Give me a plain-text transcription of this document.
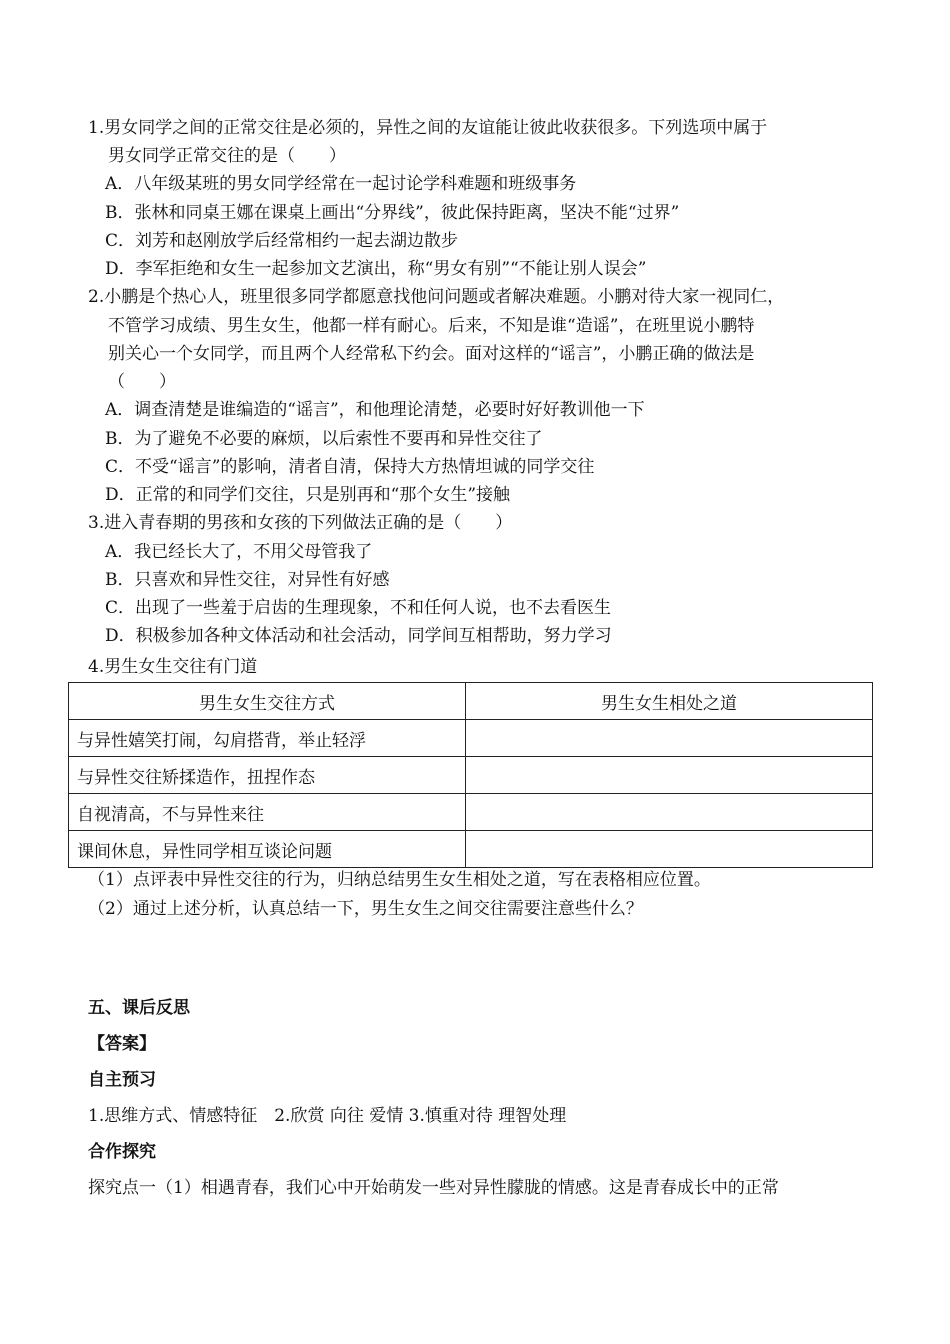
1.男女同学之间的正常交往是必须的，异性之间的友谊能让彼此收获很多。下列选项中属于
男女同学正常交往的是（　　）
A．八年级某班的男女同学经常在一起讨论学科难题和班级事务
B．张林和同桌王娜在课桌上画出“分界线”，彼此保持距离，坚决不能“过界”
C．刘芳和赵刚放学后经常相约一起去湖边散步
D．李军拒绝和女生一起参加文艺演出，称“男女有别”“不能让别人误会”
2.小鹏是个热心人，班里很多同学都愿意找他问问题或者解决难题。小鹏对待大家一视同仁，
不管学习成绩、男生女生，他都一样有耐心。后来，不知是谁“造谣”，在班里说小鹏特
别关心一个女同学，而且两个人经常私下约会。面对这样的“谣言”，小鹏正确的做法是
（　　）
A．调查清楚是谁编造的“谣言”，和他理论清楚，必要时好好教训他一下
B．为了避免不必要的麻烦，以后索性不要再和异性交往了
C．不受“谣言”的影响，清者自清，保持大方热情坦诚的同学交往
D．正常的和同学们交往，只是别再和“那个女生”接触
3.进入青春期的男孩和女孩的下列做法正确的是（　　）
A．我已经长大了，不用父母管我了
B．只喜欢和异性交往，对异性有好感
C．出现了一些羞于启齿的生理现象，不和任何人说，也不去看医生
D．积极参加各种文体活动和社会活动，同学间互相帮助，努力学习
4.男生女生交往有门道
男生女生交往方式	男生女生相处之道
与异性嬉笑打闹，勾肩搭背，举止轻浮	
与异性交往矫揉造作，扭捏作态	
自视清高，不与异性来往	
课间休息，异性同学相互谈论问题	
（1）点评表中异性交往的行为，归纳总结男生女生相处之道，写在表格相应位置。
（2）通过上述分析，认真总结一下，男生女生之间交往需要注意些什么？
五、课后反思
【答案】
自主预习
1.思维方式、情感特征　2.欣赏 向往 爱情 3.慎重对待 理智处理
合作探究
探究点一（1）相遇青春，我们心中开始萌发一些对异性朦胧的情感。这是青春成长中的正常
